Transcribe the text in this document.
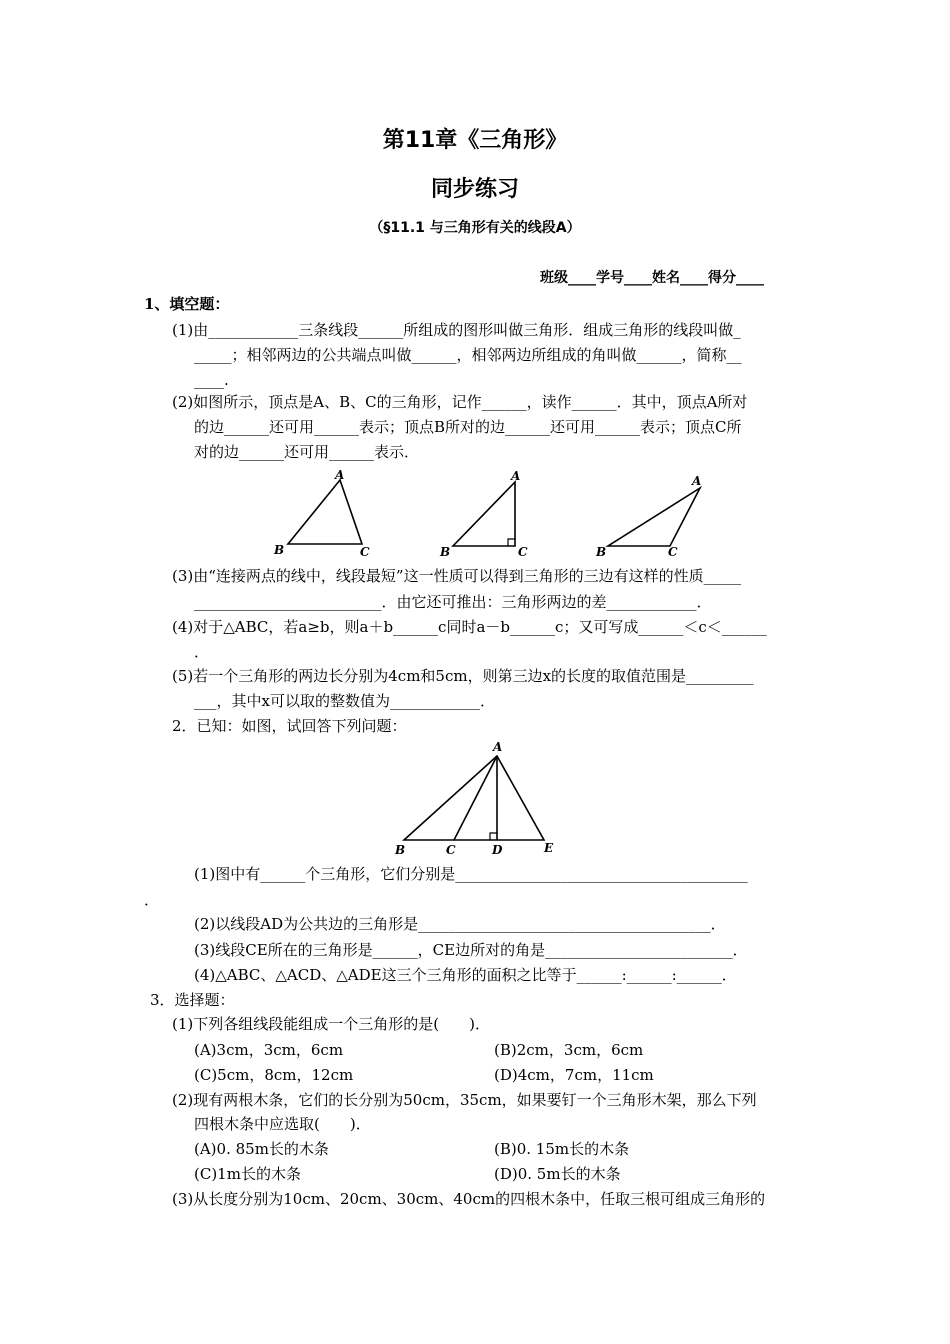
第11章《三角形》
同步练习
（§11.1 与三角形有关的线段A）
班级____学号____姓名____得分____
1、填空题：
(1)由____________三条线段______所组成的图形叫做三角形．组成三角形的线段叫做_
_____；相邻两边的公共端点叫做______，相邻两边所组成的角叫做______，简称__
____.
(2)如图所示，顶点是A、B、C的三角形，记作______，读作______．其中，顶点A所对
的边______还可用______表示；顶点B所对的边______还可用______表示；顶点C所
对的边______还可用______表示．
A
B	C
A
B	C
A
B	C
(3)由“连接两点的线中，线段最短”这一性质可以得到三角形的三边有这样的性质_____
_________________________．由它还可推出：三角形两边的差____________．
(4)对于△ABC，若a≥b，则a＋b______c同时a－b______c；又可写成______＜c＜______
．
(5)若一个三角形的两边长分别为4cm和5cm，则第三边x的长度的取值范围是_________
___，其中x可以取的整数值为____________．
2．已知：如图，试回答下列问题：
A
B	C	D	E
(1)图中有______个三角形，它们分别是_______________________________________
．
(2)以线段AD为公共边的三角形是_______________________________________．
(3)线段CE所在的三角形是______，CE边所对的角是_________________________．
(4)△ABC、△ACD、△ADE这三个三角形的面积之比等于______:______:______．
3．选择题：
(1)下列各组线段能组成一个三角形的是(　　)．
(A)3cm，3cm，6cm	(B)2cm，3cm，6cm
(C)5cm，8cm，12cm	(D)4cm，7cm，11cm
(2)现有两根木条，它们的长分别为50cm，35cm，如果要钉一个三角形木架，那么下列
四根木条中应选取(　　)．
(A)0. 85m长的木条	(B)0. 15m长的木条
(C)1m长的木条	(D)0. 5m长的木条
(3)从长度分别为10cm、20cm、30cm、40cm的四根木条中，任取三根可组成三角形的
